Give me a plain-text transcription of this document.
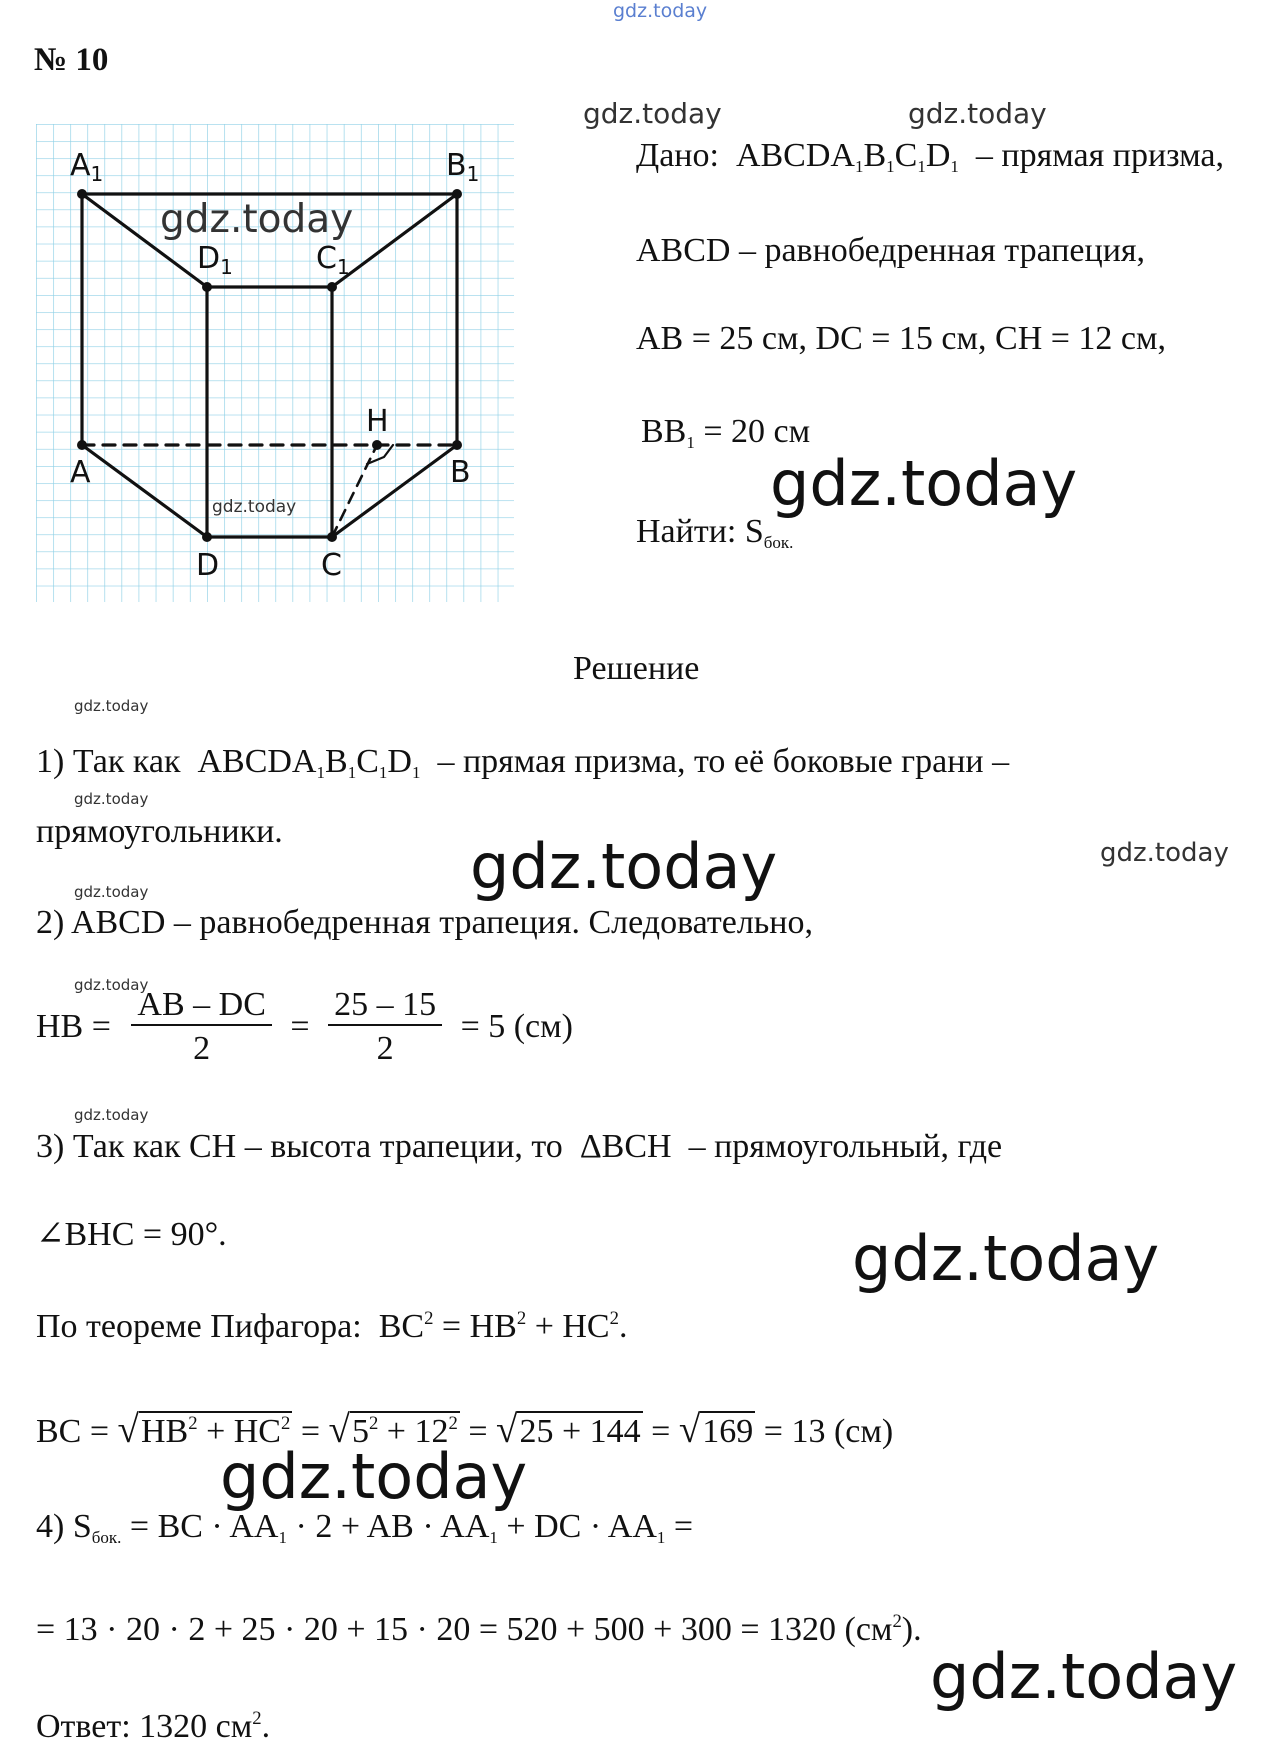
gdz.today
№ 10
$A_1$	$B_1$
$D_1$	$C_1$
H
A	B
D	C
gdz.today
gdz.today
gdz.today	gdz.today
Дано: $ABCDA_1B_1C_1D_1$ – прямая призма,
ABCD – равнобедренная трапеция,
AB = 25 см, DC = 15 см, CH = 12 см,
$BB_1 = 20$ см
gdz.today
Найти: $S_{бок.}$
Решение
gdz.today
1) Так как $ABCDA_1B_1C_1D_1$ – прямая призма, то её боковые грани –
gdz.today
прямоугольники.
gdz.today
gdz.today
gdz.today
2) ABCD – равнобедренная трапеция. Следовательно,
gdz.today
HB = $\frac{AB - DC}{2} = \frac{25 - 15}{2} = 5$ (см)
gdz.today
3) Так как CH – высота трапеции, то ΔBCH – прямоугольный, где
∠BHC = 90°.	gdz.today
По теореме Пифагора: $BC^2 = HB^2 + HC^2$.
BC = $√HB^2 + HC^2 = √5^2 + 12^2 = √25 + 144 = √169 = 13$ (см)
gdz.today
4) $S_{бок.}$ = BC · $AA_1 \cdot 2$ + AB · $AA_1$ + DC · $AA_1$ =
= 13 · 20 · 2 + 25 · 20 + 15 · 20 = 520 + 500 + 300 = 1320 $(см^2)$.
gdz.today
Ответ: 1320 $см^2$.
